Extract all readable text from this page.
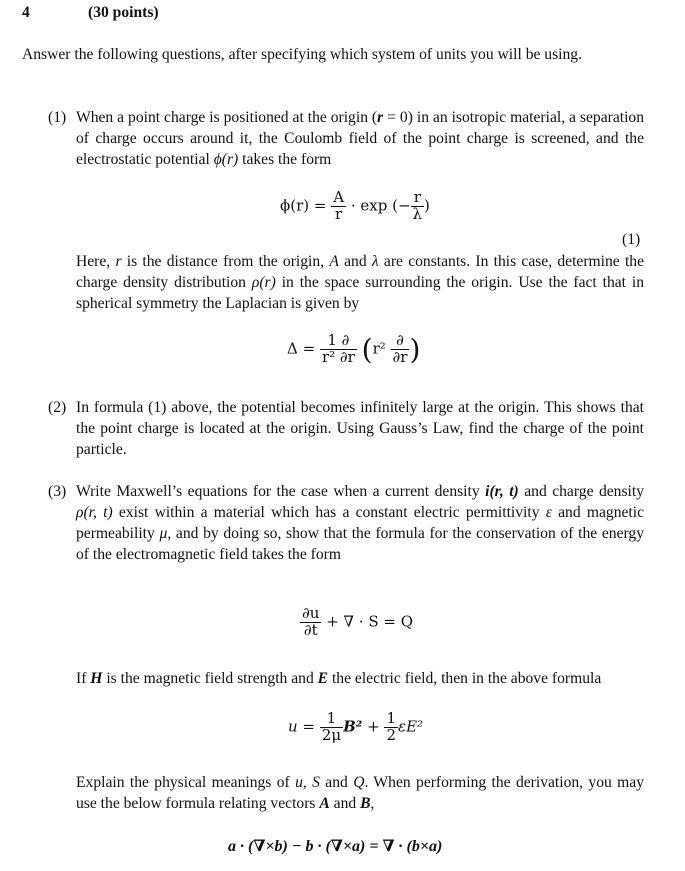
4	(30 points)
Answer the following questions, after specifying which system of units you will be using.
(1) When a point charge is positioned at the origin (r = 0) in an isotropic material, a separation of charge occurs around it, the Coulomb field of the point charge is screened, and the electrostatic potential ϕ(r) takes the form
$\phi(r) = \frac{A}{r} \cdot \exp$ (− $\frac{r}{\lambda}$ )
(1)
Here, r is the distance from the origin, A and λ are constants. In this case, determine the charge density distribution ρ(r) in the space surrounding the origin. Use the fact that in spherical symmetry the Laplacian is given by
$\Delta = \frac{1 \partial}{\text{r² ∂r}} (r^2 \frac{\partial}{\partial r}$ )
(2) In formula (1) above, the potential becomes infinitely large at the origin. This shows that the point charge is located at the origin. Using Gauss’s Law, find the charge of the point particle.
(3) Write Maxwell’s equations for the case when a current density i(r, t) and charge density ρ(r, t) exist within a material which has a constant electric permittivity ε and magnetic permeability μ, and by doing so, show that the formula for the conservation of the energy of the electromagnetic field takes the form
$\frac{\partial u}{\partial t}$ + ∇ · S = Q
If H is the magnetic field strength and E the electric field, then in the above formula
$u = \frac{1}{2\mu} B^2 + \frac{1}{2} \varepsilon E^2$
Explain the physical meanings of u, S and Q. When performing the derivation, you may use the below formula relating vectors A and B,
a · (∇×b) − b · (∇×a) = ∇ · (b×a)
